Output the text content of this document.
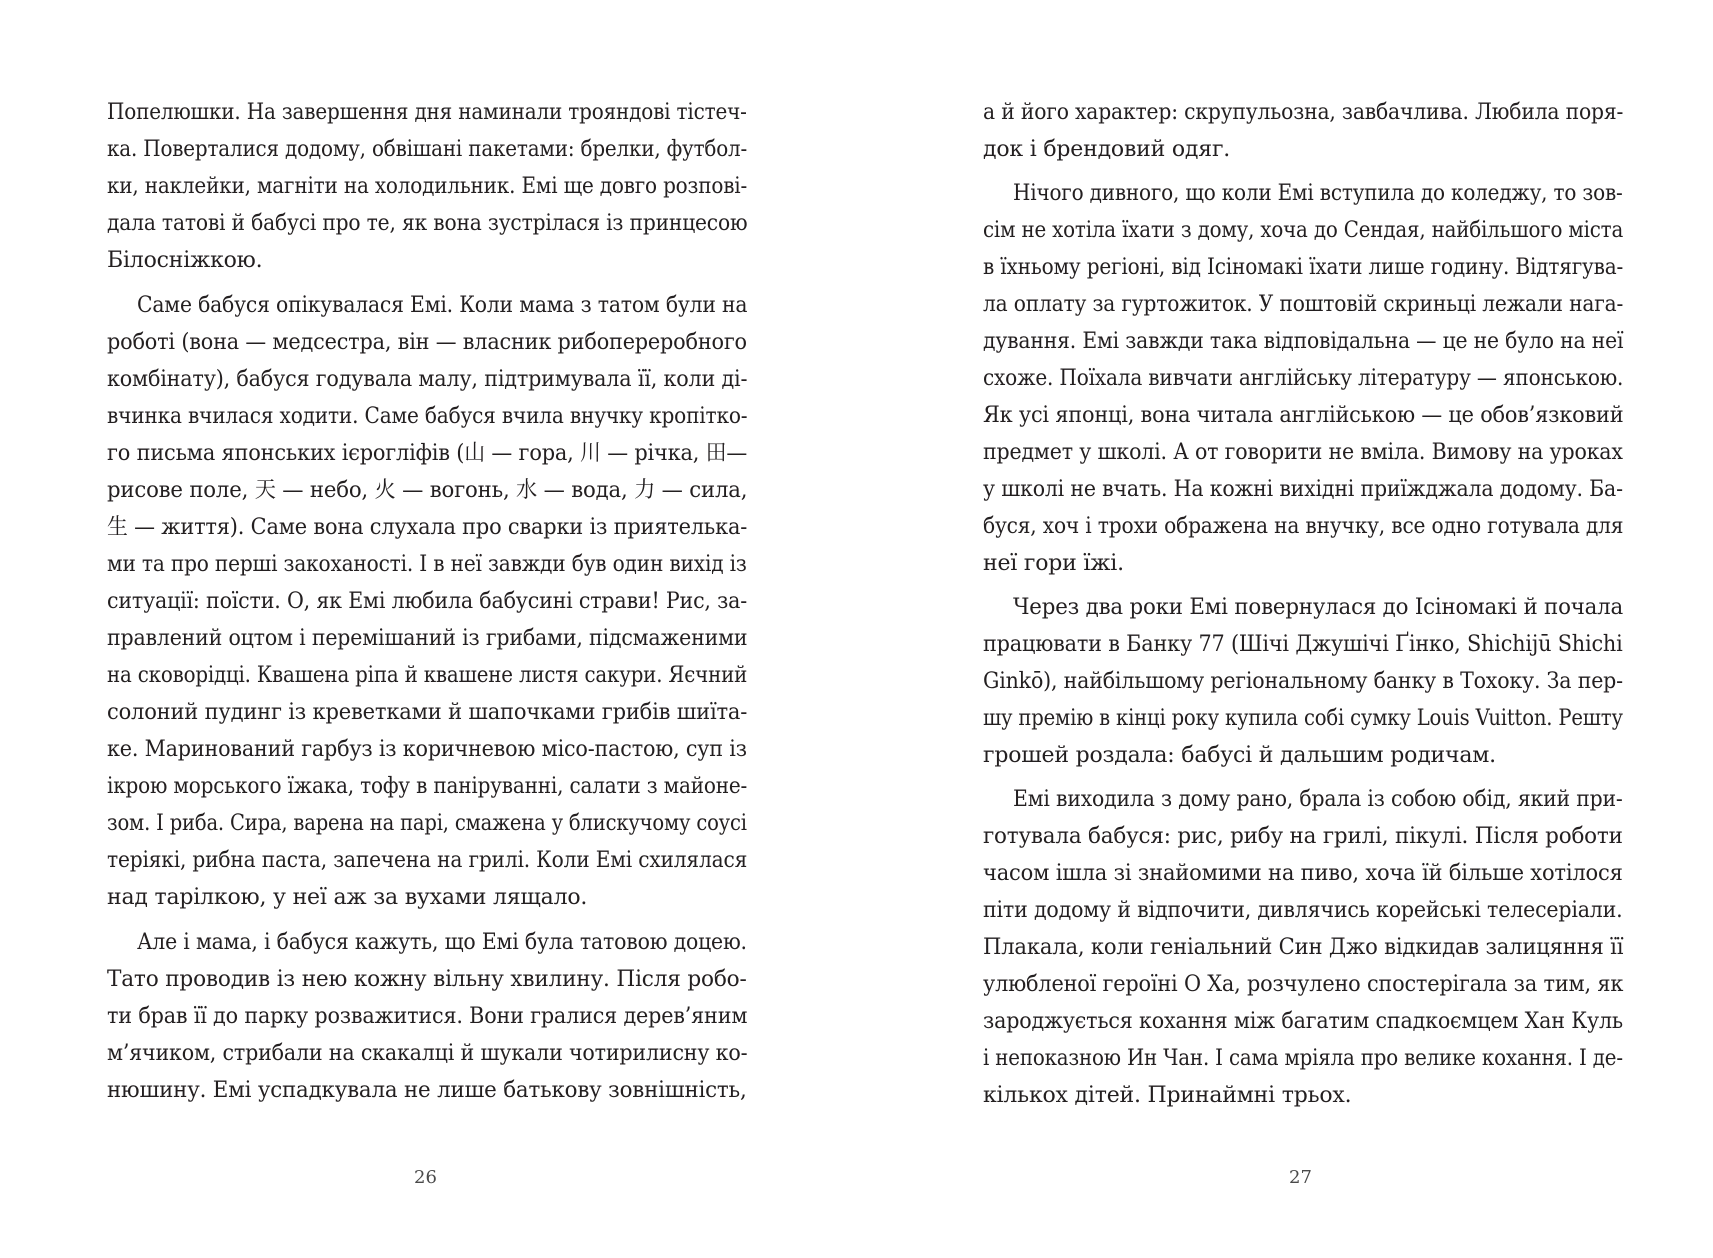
Попелюшки. На завершення дня наминали трояндові тістеч-
ка. Поверталися додому, обвішані пакетами: брелки, футбол-
ки, наклейки, магніти на холодильник. Емі ще довго розпові-
дала татові й бабусі про те, як вона зустрілася із принцесою
Білосніжкою.
Саме бабуся опікувалася Емі. Коли мама з татом були на
роботі (вона — медсестра, він — власник рибопереробного
комбінату), бабуся годувала малу, підтримувала її, коли ді-
вчинка вчилася ходити. Саме бабуся вчила внучку кропітко-
го письма японських ієрогліфів (山 — гора, 川 — річка, 田—
рисове поле, 天 — небо, 火 — вогонь, 水 — вода, 力 — сила,
生 — життя). Саме вона слухала про сварки із приятелька-
ми та про перші закоханості. І в неї завжди був один вихід із
ситуації: поїсти. О, як Емі любила бабусині страви! Рис, за-
правлений оцтом і перемішаний із грибами, підсмаженими
на сковорідці. Квашена ріпа й квашене листя сакури. Яєчний
солоний пудинг із креветками й шапочками грибів шиїта-
ке. Маринований гарбуз із коричневою місо-пастою, суп із
ікрою морського їжака, тофу в паніруванні, салати з майоне-
зом. І риба. Сира, варена на парі, смажена у блискучому соусі
теріякі, рибна паста, запечена на грилі. Коли Емі схилялася
над тарілкою, у неї аж за вухами лящало.
Але і мама, і бабуся кажуть, що Емі була татовою доцею.
Тато проводив із нею кожну вільну хвилину. Після робо-
ти брав її до парку розважитися. Вони гралися дерев’яним
м’ячиком, стрибали на скакалці й шукали чотирилисну ко-
нюшину. Емі успадкувала не лише батькову зовнішність,
а й його характер: скрупульозна, завбачлива. Любила поря-
док і брендовий одяг.
Нічого дивного, що коли Емі вступила до коледжу, то зов-
сім не хотіла їхати з дому, хоча до Сендая, найбільшого міста
в їхньому регіоні, від Ісіномакі їхати лише годину. Відтягува-
ла оплату за гуртожиток. У поштовій скриньці лежали нага-
дування. Емі завжди така відповідальна — це не було на неї
схоже. Поїхала вивчати англійську літературу — японською.
Як усі японці, вона читала англійською — це обов’язковий
предмет у школі. А от говорити не вміла. Вимову на уроках
у школі не вчать. На кожні вихідні приїжджала додому. Ба-
буся, хоч і трохи ображена на внучку, все одно готувала для
неї гори їжі.
Через два роки Емі повернулася до Ісіномакі й почала
працювати в Банку 77 (Шічі Джушічі Ґінко, Shichijū Shichi
Ginkō), найбільшому регіональному банку в Тохоку. За пер-
шу премію в кінці року купила собі сумку Louis Vuitton. Решту
грошей роздала: бабусі й дальшим родичам.
Емі виходила з дому рано, брала із собою обід, який при-
готувала бабуся: рис, рибу на грилі, пікулі. Після роботи
часом ішла зі знайомими на пиво, хоча їй більше хотілося
піти додому й відпочити, дивлячись корейські телесеріали.
Плакала, коли геніальний Син Джо відкидав залицяння її
улюбленої героїні О Ха, розчулено спостерігала за тим, як
зароджується кохання між багатим спадкоємцем Хан Куль
і непоказною Ин Чан. І сама мріяла про велике кохання. І де-
кількох дітей. Принаймні трьох.
26	27
